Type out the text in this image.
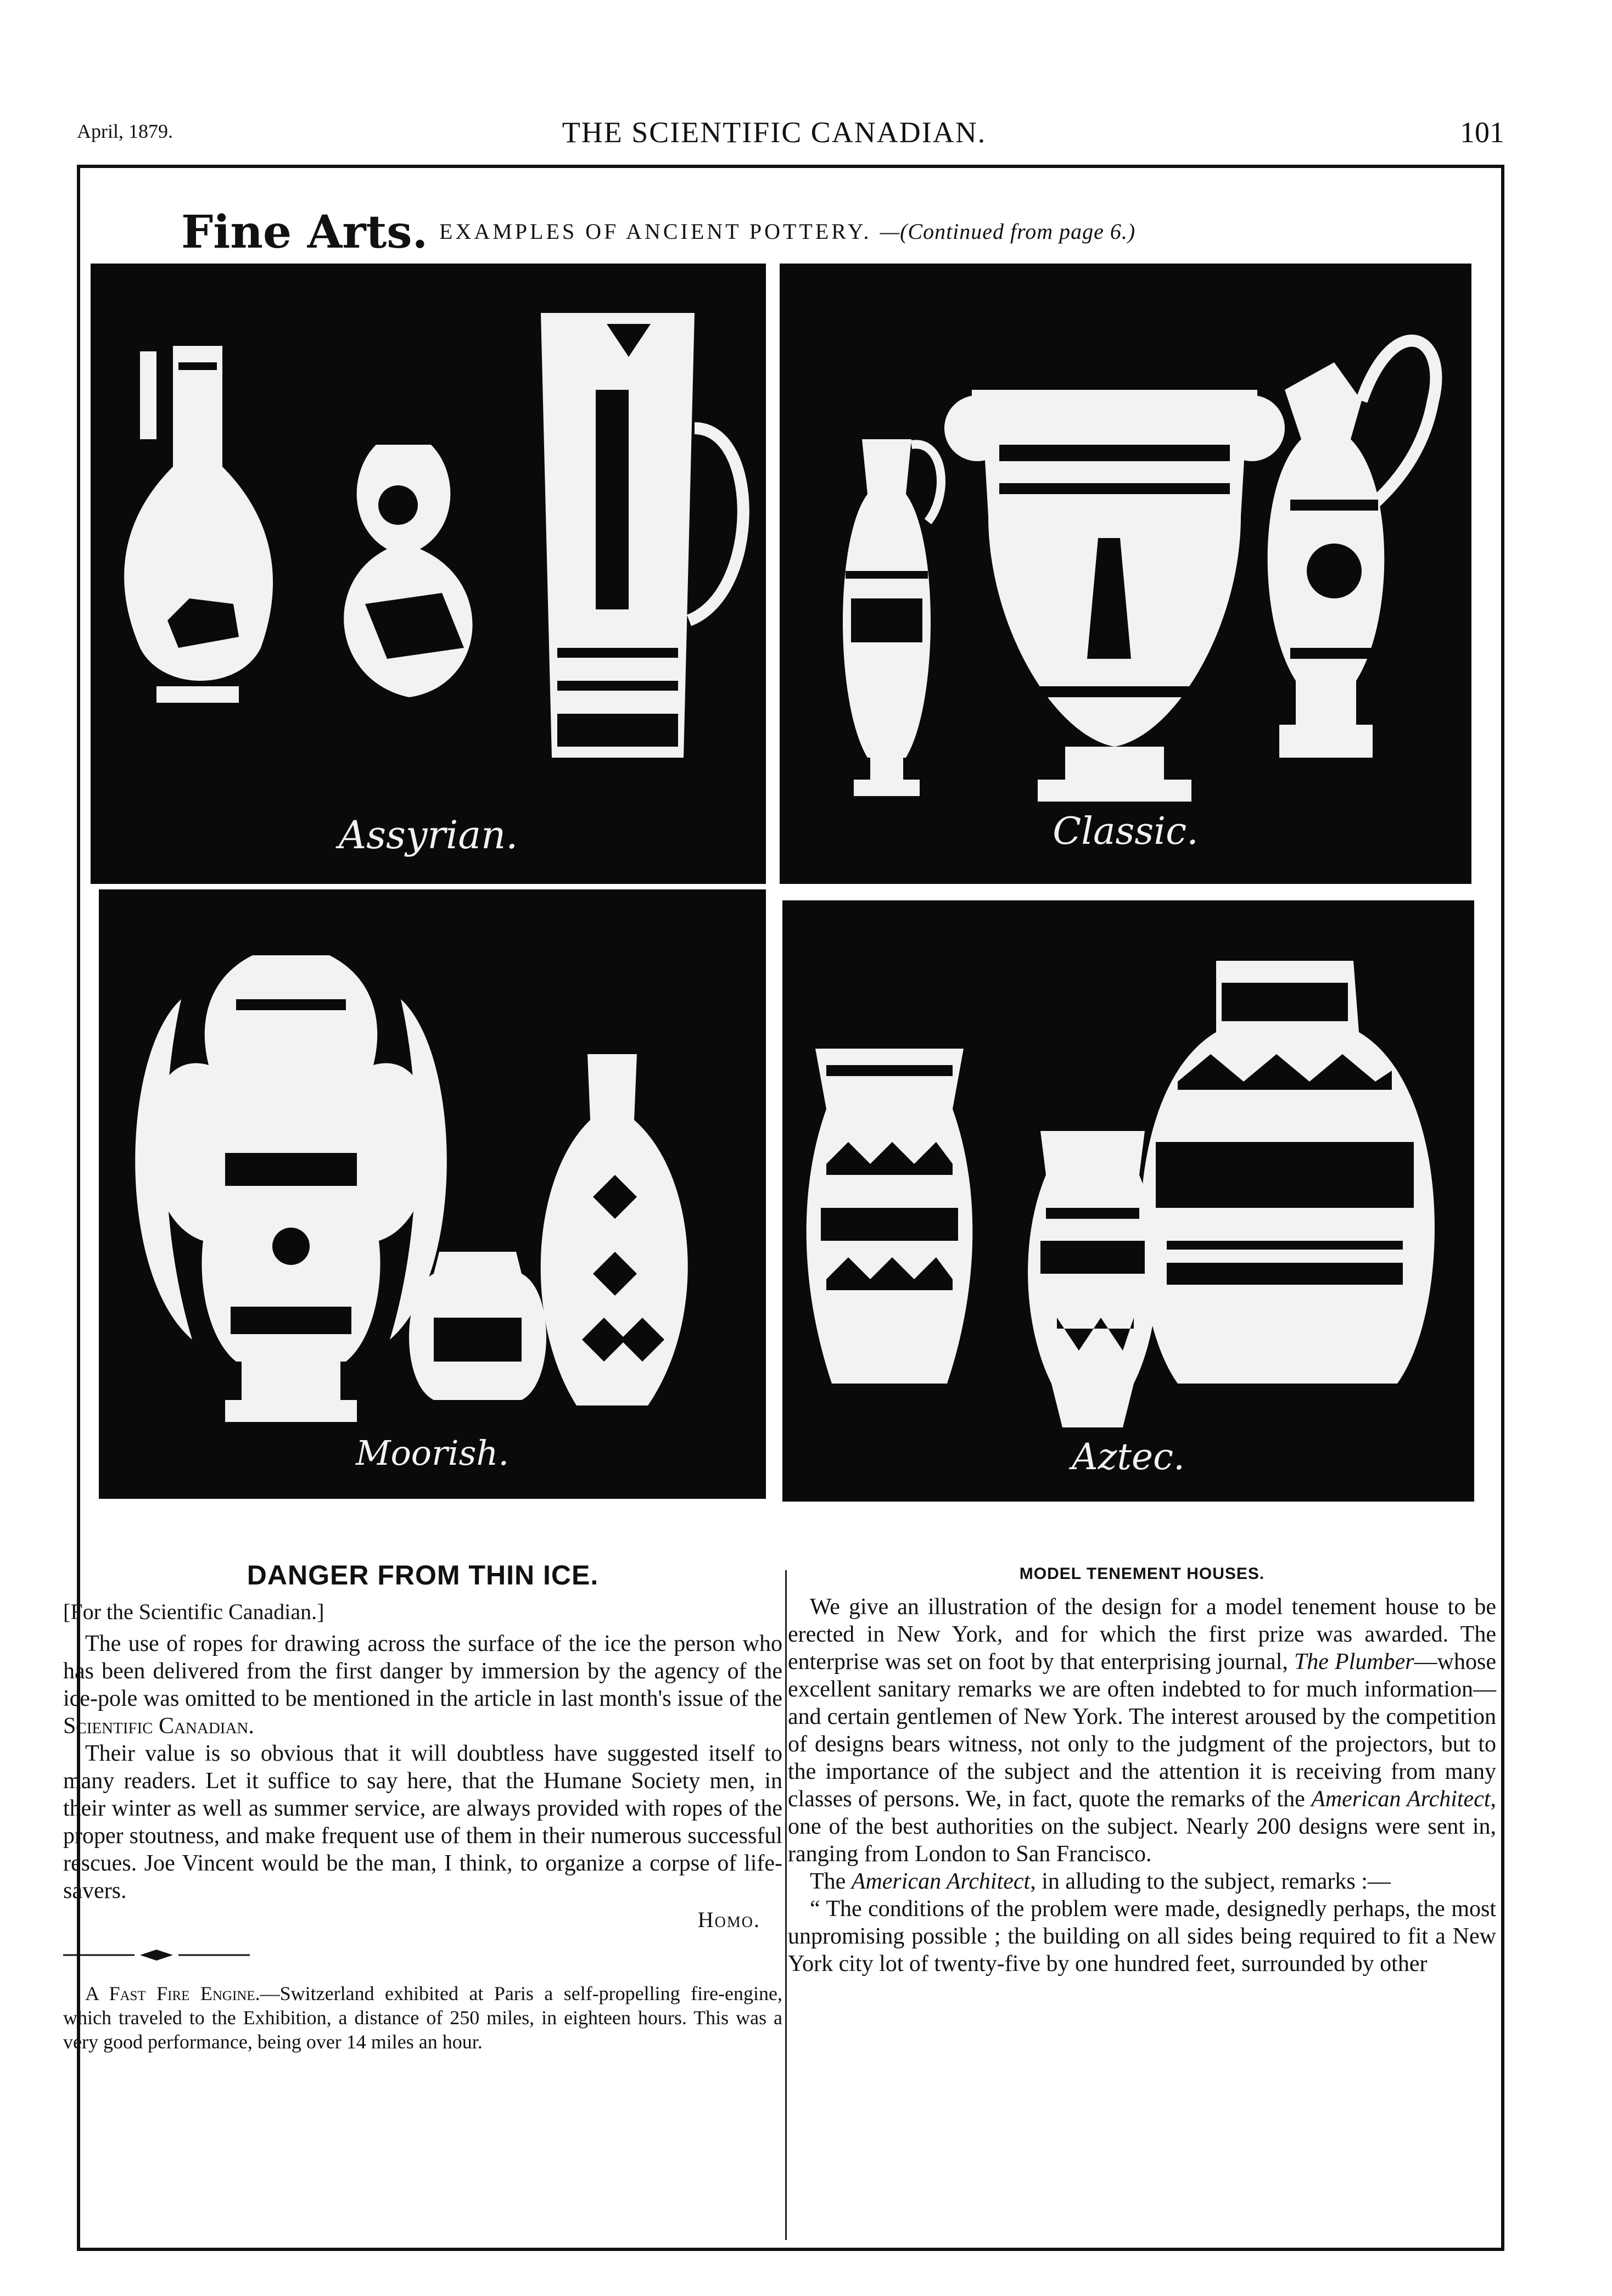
April, 1879.	THE SCIENTIFIC CANADIAN.	101
Fine Arts. EXAMPLES OF ANCIENT POTTERY. —(Continued from page 6.)
Assyrian.	Classic.
Moorish.	Aztec.
DANGER FROM THIN ICE.
[For the Scientific Canadian.]

The use of ropes for drawing across the surface of the ice the person who has been delivered from the first danger by immersion by the agency of the ice-pole was omitted to be mentioned in the article in last month's issue of the Scientific Canadian.

Their value is so obvious that it will doubtless have suggested itself to many readers. Let it suffice to say here, that the Humane Society men, in their winter as well as summer service, are always provided with ropes of the proper stoutness, and make frequent use of them in their numerous successful rescues. Joe Vincent would be the man, I think, to organize a corpse of life-savers.

Homo.

A Fast Fire Engine.—Switzerland exhibited at Paris a self-propelling fire-engine, which traveled to the Exhibition, a distance of 250 miles, in eighteen hours. This was a very good performance, being over 14 miles an hour.

MODEL TENEMENT HOUSES.

We give an illustration of the design for a model tenement house to be erected in New York, and for which the first prize was awarded. The enterprise was set on foot by that enterprising journal, The Plumber—whose excellent sanitary remarks we are often indebted to for much information—and certain gentlemen of New York. The interest aroused by the competition of designs bears witness, not only to the judgment of the projectors, but to the importance of the subject and the attention it is receiving from many classes of persons. We, in fact, quote the remarks of the American Architect, one of the best authorities on the subject. Nearly 200 designs were sent in, ranging from London to San Francisco.

The American Architect, in alluding to the subject, remarks :—

“ The conditions of the problem were made, designedly perhaps, the most unpromising possible ; the building on all sides being required to fit a New York city lot of twenty-five by one hundred feet, surrounded by other
